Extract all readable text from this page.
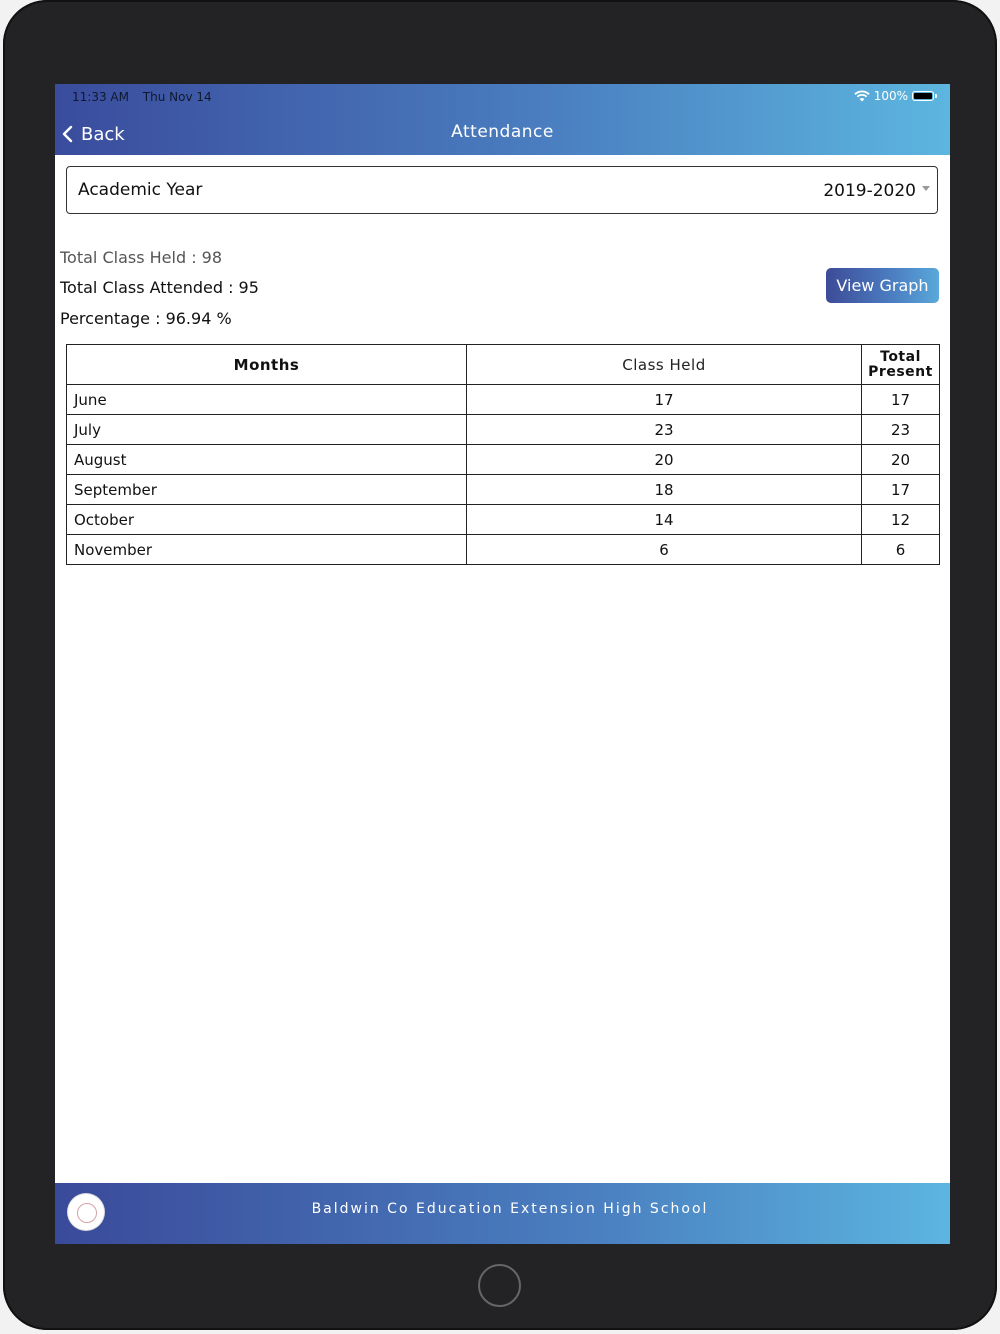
11:33 AM Thu Nov 14	100%
Back	Attendance
Academic Year	2019-2020
Total Class Held : 98
Total Class Attended : 95
Percentage : 96.94 %
View Graph
Months	Class Held	Total
Present
June	17	17
July	23	23
August	20	20
September	18	17
October	14	12
November	6	6
Baldwin Co Education Extension High School
